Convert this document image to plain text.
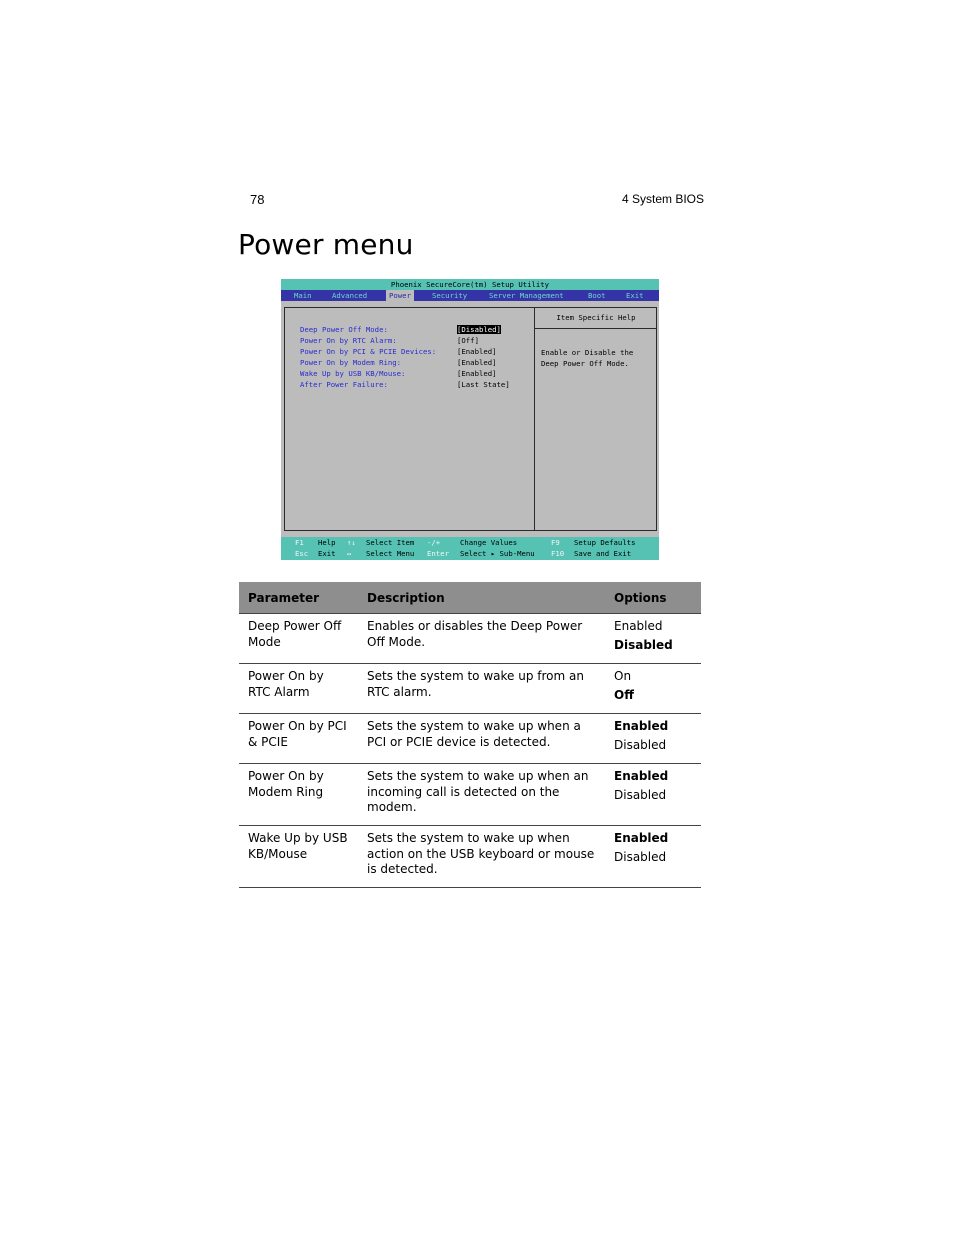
78	4 System BIOS
Power menu
Phoenix SecureCore(tm) Setup Utility
Main	Advanced	Power	Security	Server Management	Boot	Exit
Item Specific Help
Enable or Disable the
Deep Power Off Mode.
Deep Power Off Mode:	[Disabled]
Power On by RTC Alarm:	[Off]
Power On by PCI & PCIE Devices:	[Enabled]
Power On by Modem Ring:	[Enabled]
Wake Up by USB KB/Mouse:	[Enabled]
After Power Failure:	[Last State]
F1 Help ↑↓ Select Item -/+	Change Values	F9 Setup Defaults
Esc Exit ↔ Select Menu Enter Select ▸ Sub-Menu F10 Save and Exit
Parameter	Description	Options
Deep Power Off Mode	Enables or disables the Deep Power Off Mode.	Enabled
Disabled

Power On by RTC Alarm	Sets the system to wake up from an RTC alarm.	On
Off

Power On by PCI & PCIE	Sets the system to wake up when a PCI or PCIE device is detected.	Enabled
Disabled

Power On by Modem Ring	Sets the system to wake up when an incoming call is detected on the modem.	Enabled
Disabled

Wake Up by USB KB/Mouse	Sets the system to wake up when action on the USB keyboard or mouse is detected.	Enabled
Disabled
